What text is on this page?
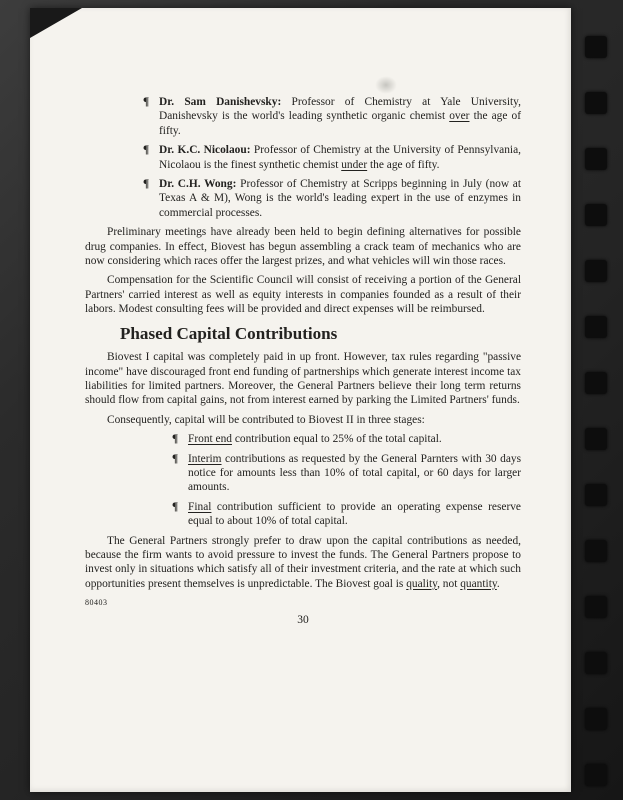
¶ Dr. Sam Danishevsky: Professor of Chemistry at Yale University, Danishevsky is the world's leading synthetic organic chemist over the age of fifty.
¶ Dr. K.C. Nicolaou: Professor of Chemistry at the University of Pennsylvania, Nicolaou is the finest synthetic chemist under the age of fifty.
¶ Dr. C.H. Wong: Professor of Chemistry at Scripps beginning in July (now at Texas A & M), Wong is the world's leading expert in the use of enzymes in commercial processes.

Preliminary meetings have already been held to begin defining alternatives for possible drug companies. In effect, Biovest has begun assembling a crack team of mechanics who are now considering which races offer the largest prizes, and what vehicles will win those races.

Compensation for the Scientific Council will consist of receiving a portion of the General Partners' carried interest as well as equity interests in companies founded as a result of their labors. Modest consulting fees will be provided and direct expenses will be reimbursed.

Phased Capital Contributions

Biovest I capital was completely paid in up front. However, tax rules regarding "passive income" have discouraged front end funding of partnerships which generate interest income tax liabilities for limited partners. Moreover, the General Partners believe their long term returns should flow from capital gains, not from interest earned by parking the Limited Partners' funds.

Consequently, capital will be contributed to Biovest II in three stages:

¶ Front end contribution equal to 25% of the total capital.
¶ Interim contributions as requested by the General Parnters with 30 days notice for amounts less than 10% of total capital, or 60 days for larger amounts.
¶ Final contribution sufficient to provide an operating expense reserve equal to about 10% of total capital.

The General Partners strongly prefer to draw upon the capital contributions as needed, because the firm wants to avoid pressure to invest the funds. The General Partners propose to invest only in situations which satisfy all of their investment criteria, and the rate at which such opportunities present themselves is unpredictable. The Biovest goal is quality, not quantity.

80403
30
